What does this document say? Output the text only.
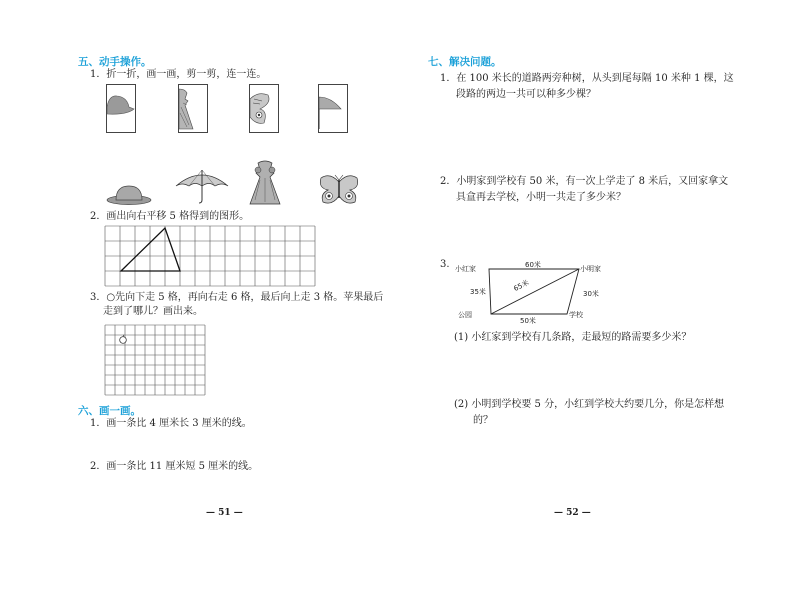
五、动手操作。
1．折一折，画一画，剪一剪，连一连。
2．画出向右平移 5 格得到的图形。
3．○先向下走 5 格，再向右走 6 格，最后向上走 3 格。苹果最后
走到了哪儿？画出来。
六、画一画。
1．画一条比 4 厘米长 3 厘米的线。
2．画一条比 11 厘米短 5 厘米的线。
— 51 —
七、解决问题。
1．在 100 米长的道路两旁种树，从头到尾每隔 10 米种 1 棵，这
段路的两边一共可以种多少棵？
2．小明家到学校有 50 米，有一次上学走了 8 米后，又回家拿文
具盒再去学校，小明一共走了多少米？
3. 小红家	小明家
公园	学校
60米
35米	30米
50米
65米
(1) 小红家到学校有几条路，走最短的路需要多少米？
(2) 小明到学校要 5 分，小红到学校大约要几分，你是怎样想
的？
— 52 —
